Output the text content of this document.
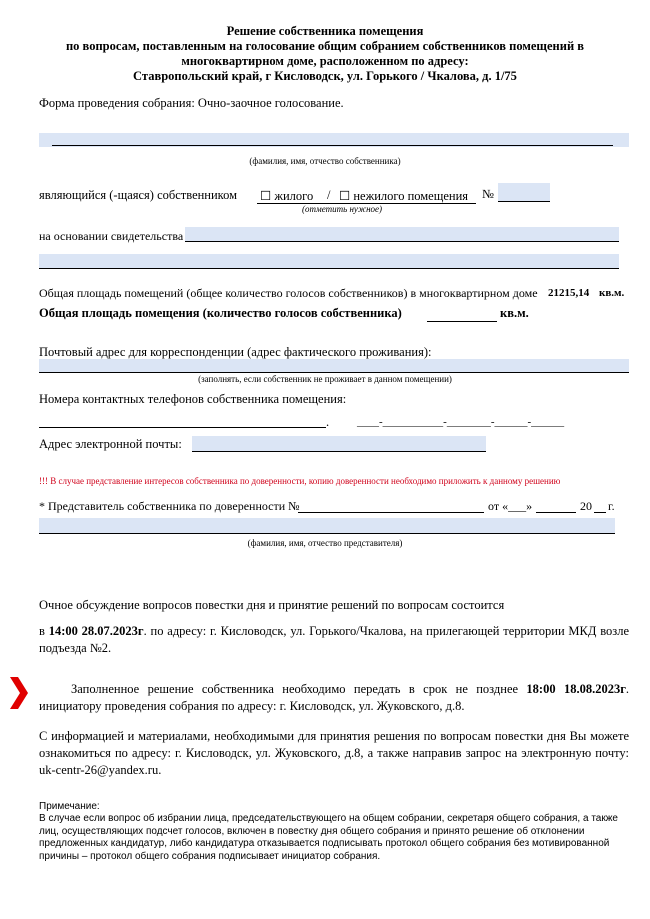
Решение собственника помещения
по вопросам, поставленным на голосование общим собранием собственников помещений в
многоквартирном доме, расположенном по адресу:
Ставропольский край, г Кисловодск, ул. Горького / Чкалова, д. 1/75
Форма проведения собрания: Очно-заочное голосование.
(фамилия, имя, отчество собственника)
являющийся (-щаяся) собственником ☐ жилого / ☐ нежилого помещения №
(отметить нужное)
на основании свидетельства
Общая площадь помещений (общее количество голосов собственников) в многоквартирном доме 21215,14 кв.м.
Общая площадь помещения (количество голосов собственника)	кв.м.
Почтовый адрес для корреспонденции (адрес фактического проживания):
(заполнять, если собственник не проживает в данном помещении)
Номера контактных телефонов собственника помещения:
.	____-___________-________-______-______
Адрес электронной почты:
!!! В случае представление интересов собственника по доверенности, копию доверенности необходимо приложить к данному решению
* Представитель собственника по доверенности №	от «___»	20 г.
(фамилия, имя, отчество представителя)
Очное обсуждение вопросов повестки дня и принятие решений по вопросам состоится
в 14:00 28.07.2023г. по адресу: г. Кисловодск, ул. Горького/Чкалова, на прилегающей территории МКД возле подъезда №2.
Заполненное решение собственника необходимо передать в срок не позднее 18:00 18.08.2023г. инициатору проведения собрания по адресу: г. Кисловодск, ул. Жуковского, д.8.
С информацией и материалами, необходимыми для принятия решения по вопросам повестки дня Вы можете ознакомиться по адресу: г. Кисловодск, ул. Жуковского, д.8, а также направив запрос на электронную почту: uk-centr-26@yandex.ru.
Примечание:
В случае если вопрос об избрании лица, председательствующего на общем собрании, секретаря общего собрания, а также лиц, осуществляющих подсчет голосов, включен в повестку дня общего собрания и принято решение об отклонении предложенных кандидатур, либо кандидатура отказывается подписывать протокол общего собрания без мотивированной причины – протокол общего собрания подписывает инициатор собрания.
